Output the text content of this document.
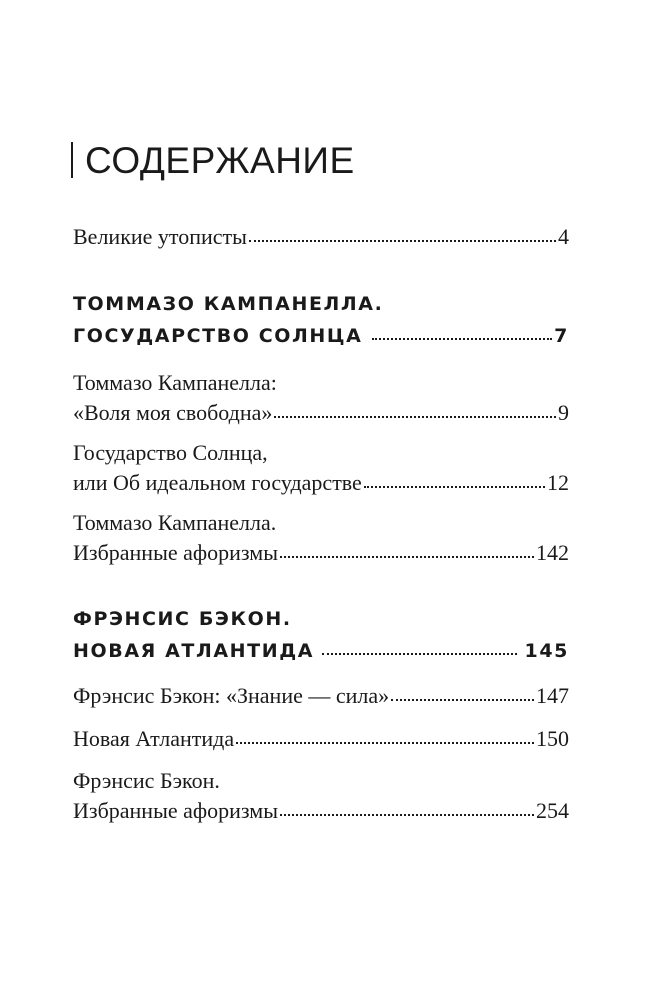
СОДЕРЖАНИЕ
Великие утописты	4
ТОММАЗО КАМПАНЕЛЛА.
ГОСУДАРСТВО СОЛНЦА	7
Томмазо Кампанелла:
«Воля моя свободна»	9
Государство Солнца,
или Об идеальном государстве	12
Томмазо Кампанелла.
Избранные афоризмы	142
ФРЭНСИС БЭКОН.
НОВАЯ АТЛАНТИДА	145
Фрэнсис Бэкон: «Знание — сила»	147
Новая Атлантида	150
Фрэнсис Бэкон.
Избранные афоризмы	254
